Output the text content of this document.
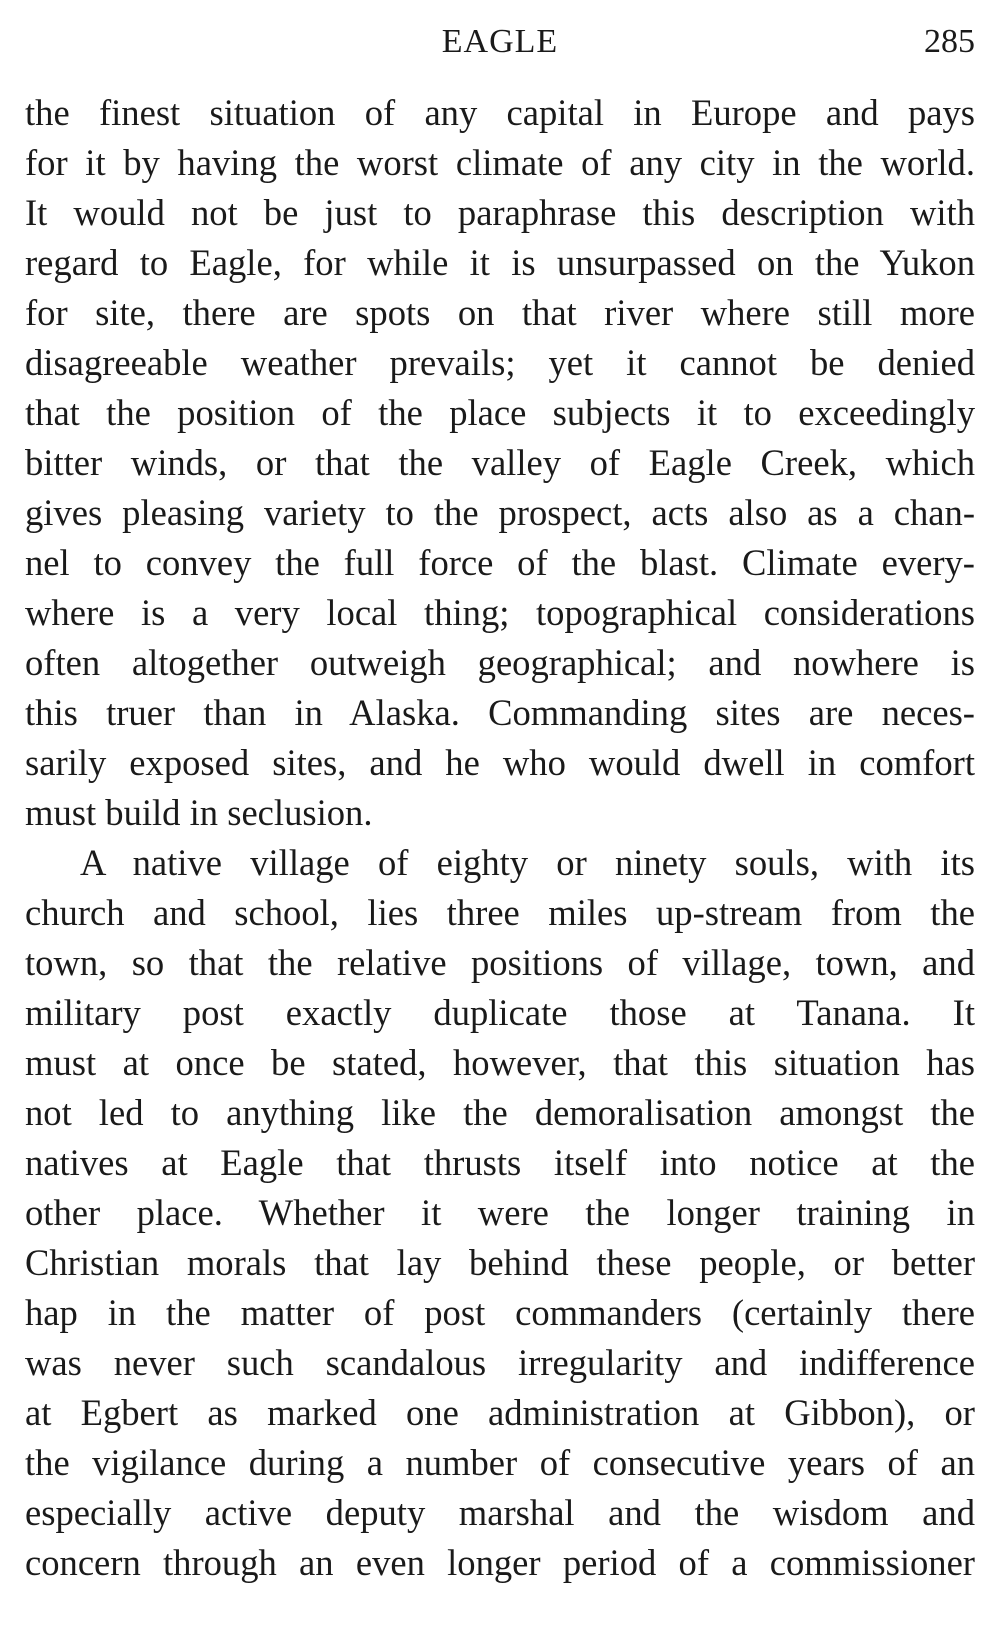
EAGLE	285
the finest situation of any capital in Europe and pays
for it by having the worst climate of any city in the world.
It would not be just to paraphrase this description with
regard to Eagle, for while it is unsurpassed on the Yukon
for site, there are spots on that river where still more
disagreeable weather prevails; yet it cannot be denied
that the position of the place subjects it to exceedingly
bitter winds, or that the valley of Eagle Creek, which
gives pleasing variety to the prospect, acts also as a chan-
nel to convey the full force of the blast. Climate every-
where is a very local thing; topographical considerations
often altogether outweigh geographical; and nowhere is
this truer than in Alaska. Commanding sites are neces-
sarily exposed sites, and he who would dwell in comfort
must build in seclusion.
A native village of eighty or ninety souls, with its
church and school, lies three miles up-stream from the
town, so that the relative positions of village, town, and
military post exactly duplicate those at Tanana. It
must at once be stated, however, that this situation has
not led to anything like the demoralisation amongst the
natives at Eagle that thrusts itself into notice at the
other place. Whether it were the longer training in
Christian morals that lay behind these people, or better
hap in the matter of post commanders (certainly there
was never such scandalous irregularity and indifference
at Egbert as marked one administration at Gibbon), or
the vigilance during a number of consecutive years of an
especially active deputy marshal and the wisdom and
concern through an even longer period of a commissioner
